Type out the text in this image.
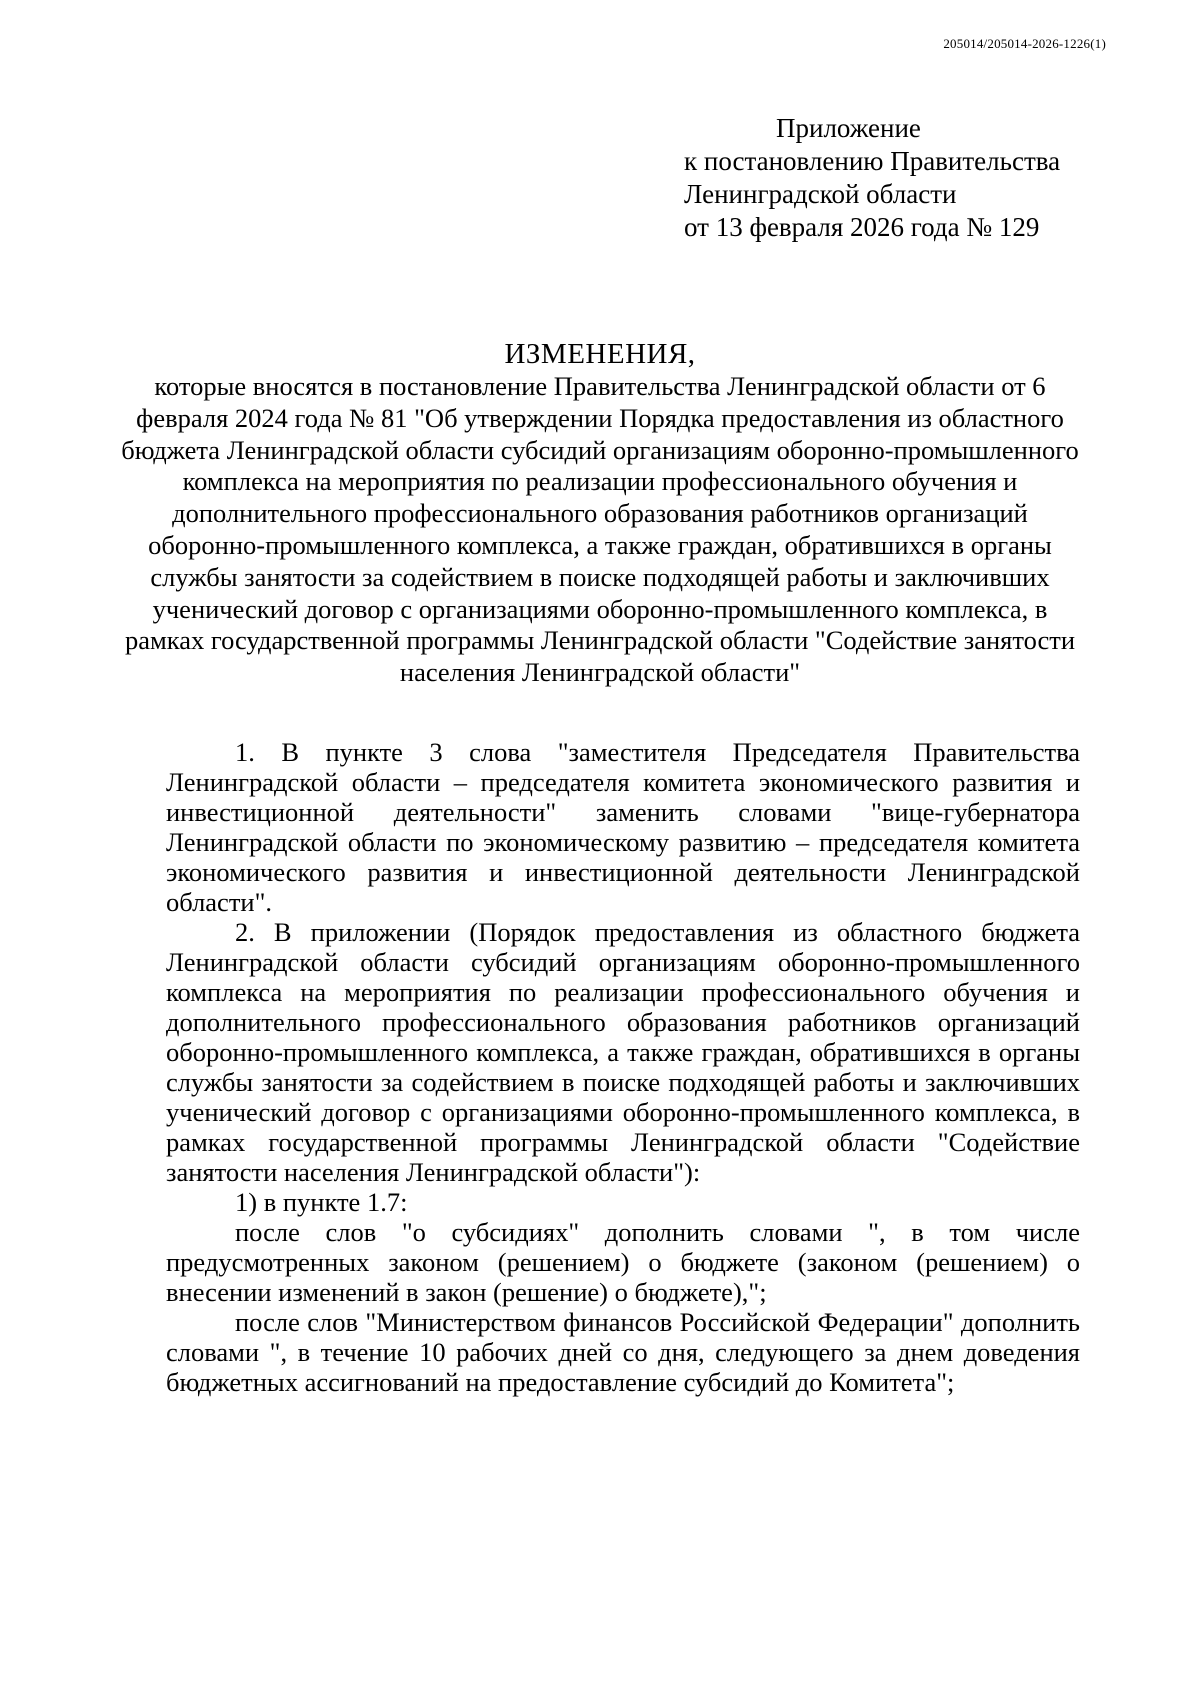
205014/205014-2026-1226(1)
Приложение
к постановлению Правительства
Ленинградской области
от 13 февраля 2026 года № 129
ИЗМЕНЕНИЯ,
которые вносятся в постановление Правительства Ленинградской области от 6 февраля 2024 года № 81 "Об утверждении Порядка предоставления из областного бюджета Ленинградской области субсидий организациям оборонно-промышленного комплекса на мероприятия по реализации профессионального обучения и дополнительного профессионального образования работников организаций оборонно-промышленного комплекса, а также граждан, обратившихся в органы службы занятости за содействием в поиске подходящей работы и заключивших ученический договор с организациями оборонно-промышленного комплекса, в рамках государственной программы Ленинградской области "Содействие занятости населения Ленинградской области"

1. В пункте 3 слова "заместителя Председателя Правительства Ленинградской области – председателя комитета экономического развития и инвестиционной деятельности" заменить словами "вице-губернатора Ленинградской области по экономическому развитию – председателя комитета экономического развития и инвестиционной деятельности Ленинградской области".

2. В приложении (Порядок предоставления из областного бюджета Ленинградской области субсидий организациям оборонно-промышленного комплекса на мероприятия по реализации профессионального обучения и дополнительного профессионального образования работников организаций оборонно-промышленного комплекса, а также граждан, обратившихся в органы службы занятости за содействием в поиске подходящей работы и заключивших ученический договор с организациями оборонно-промышленного комплекса, в рамках государственной программы Ленинградской области "Содействие занятости населения Ленинградской области"):

1) в пункте 1.7:

после слов "о субсидиях" дополнить словами ", в том числе предусмотренных законом (решением) о бюджете (законом (решением) о внесении изменений в закон (решение) о бюджете),";

после слов "Министерством финансов Российской Федерации" дополнить словами ", в течение 10 рабочих дней со дня, следующего за днем доведения бюджетных ассигнований на предоставление субсидий до Комитета";
